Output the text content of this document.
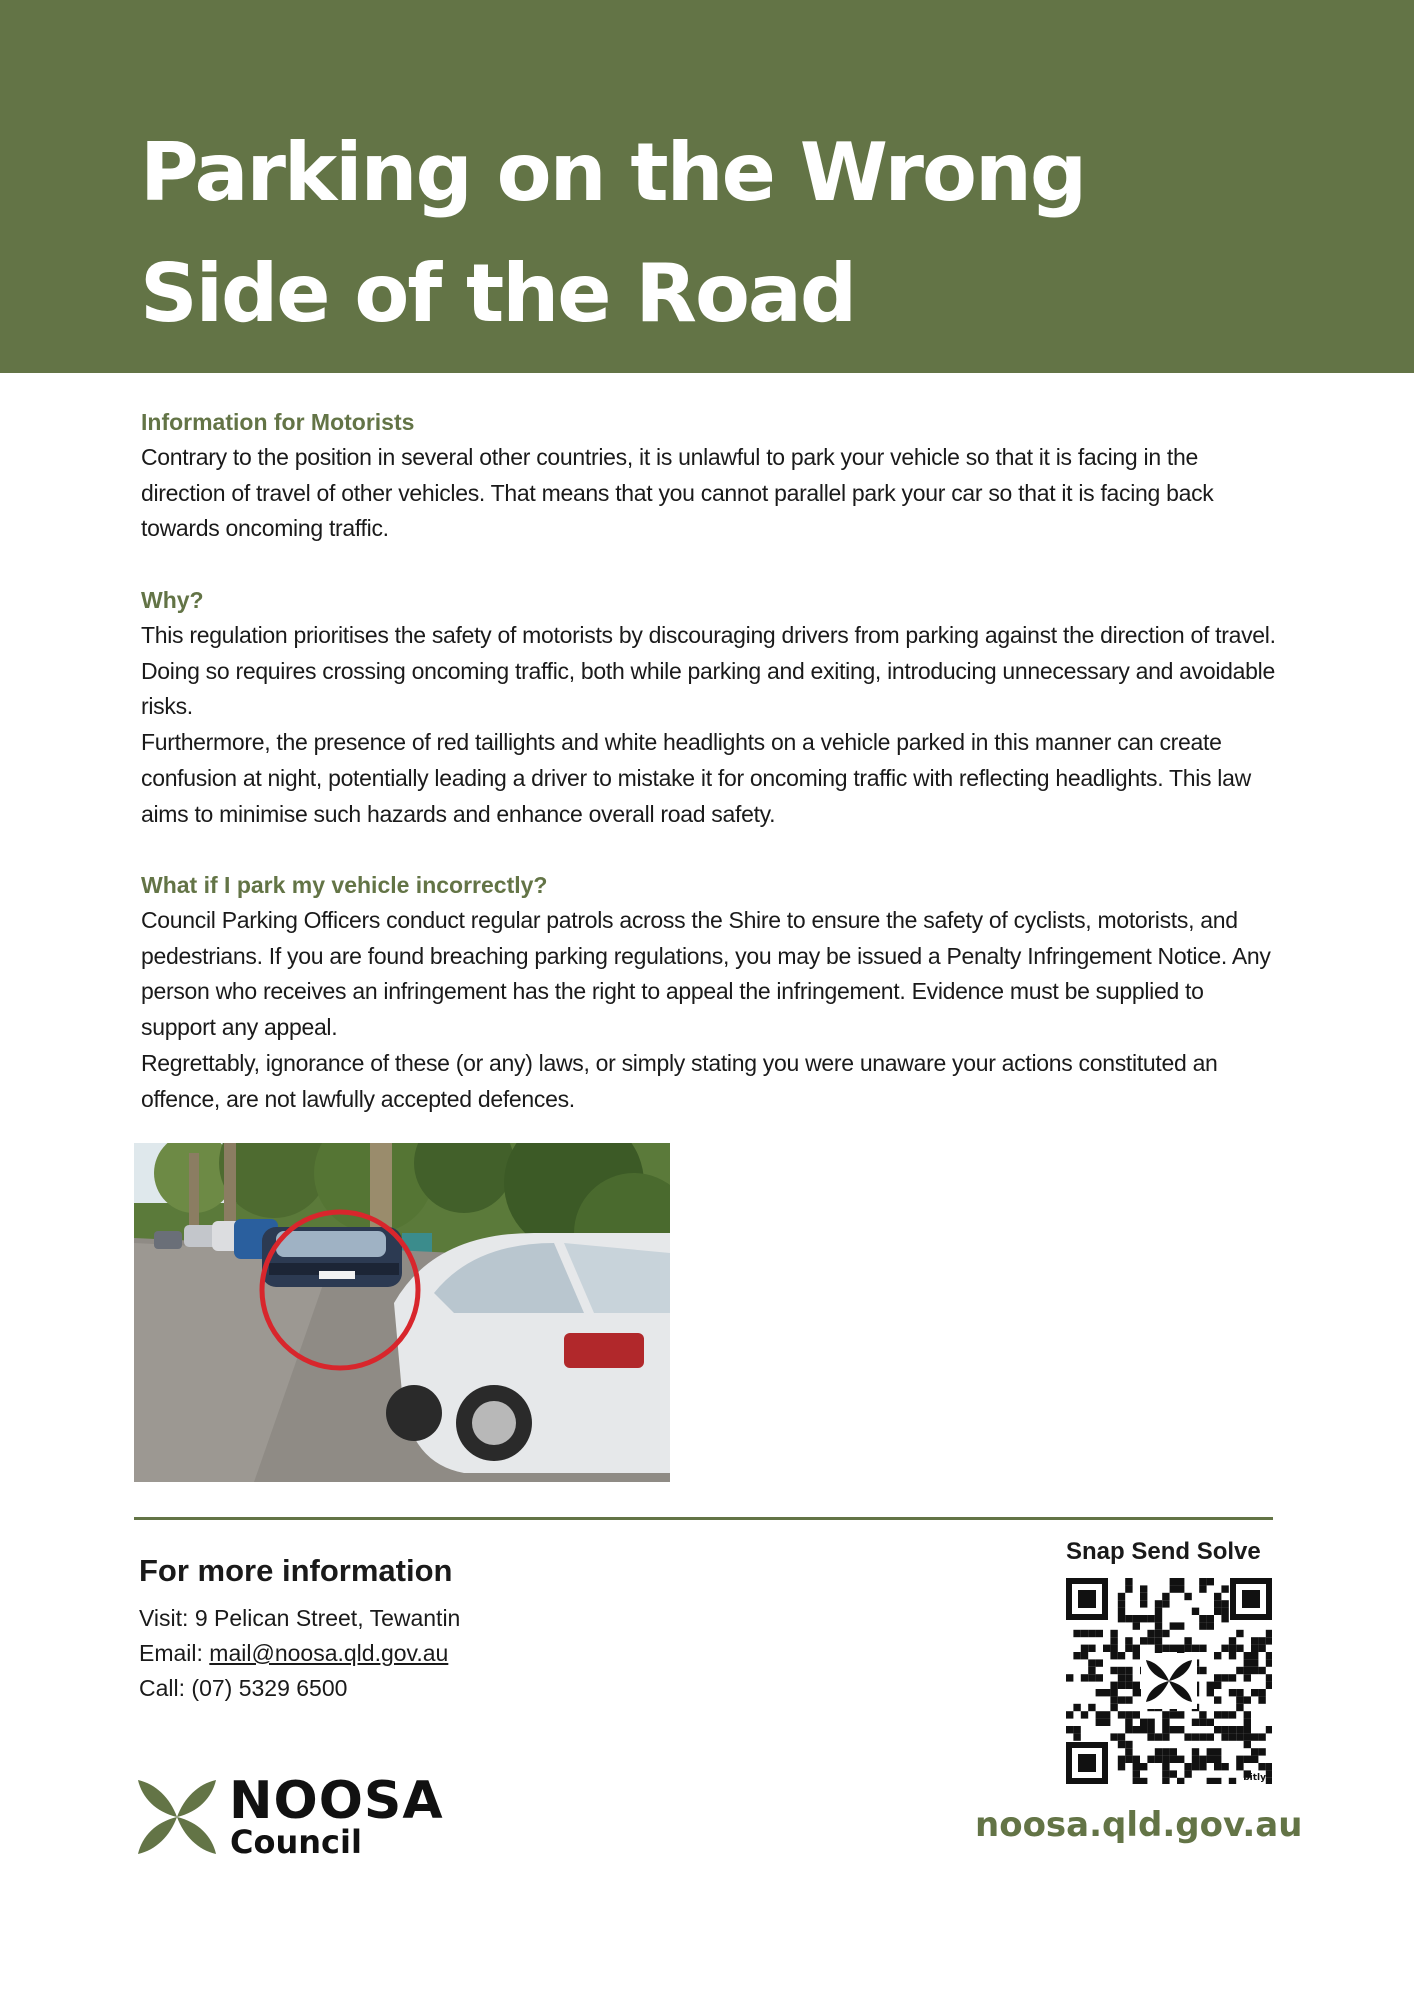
Parking on the Wrong
Side of the Road
Information for Motorists

Contrary to the position in several other countries, it is unlawful to park your vehicle so that it is facing in the direction of travel of other vehicles. That means that you cannot parallel park your car so that it is facing back towards oncoming traffic.

Why?

This regulation prioritises the safety of motorists by discouraging drivers from parking against the direction of travel. Doing so requires crossing oncoming traffic, both while parking and exiting, introducing unnecessary and avoidable risks.

Furthermore, the presence of red taillights and white headlights on a vehicle parked in this manner can create confusion at night, potentially leading a driver to mistake it for oncoming traffic with reflecting headlights. This law aims to minimise such hazards and enhance overall road safety.

What if I park my vehicle incorrectly?

Council Parking Officers conduct regular patrols across the Shire to ensure the safety of cyclists, motorists, and pedestrians. If you are found breaching parking regulations, you may be issued a Penalty Infringement Notice. Any person who receives an infringement has the right to appeal the infringement. Evidence must be supplied to support any appeal.

Regrettably, ignorance of these (or any) laws, or simply stating you were unaware your actions constituted an offence, are not lawfully accepted defences.

For more information
Visit: 9 Pelican Street, Tewantin
Email: mail@noosa.qld.gov.au
Call: (07) 5329 6500
NOOSA
Council
Snap Send Solve
bitly
noosa.qld.gov.au
